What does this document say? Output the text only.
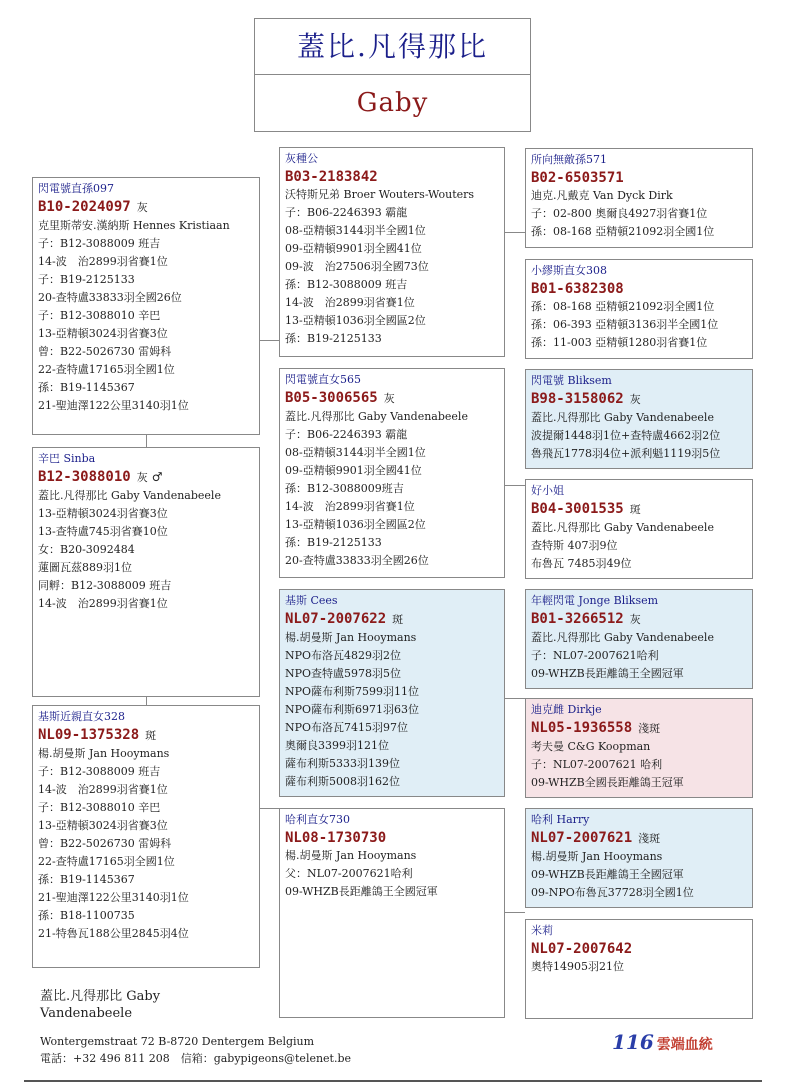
蓋比.凡得那比
Gaby
閃電號直孫097
B10-2024097 灰
克里斯蒂安.漢納斯 Hennes Kristiaan
子：B12-3088009 班吉
14-波　治2899羽省賽1位
子：B19-2125133
20-查特盧33833羽全國26位
子：B12-3088010 辛巴
13-亞精頓3024羽省賽3位
曾：B22-5026730 雷姆科
22-查特盧17165羽全國1位
孫：B19-1145367
21-聖迪澤122公里3140羽1位
辛巴 Sinba
B12-3088010 灰 ♂
蓋比.凡得那比 Gaby Vandenabeele
13-亞精頓3024羽省賽3位
13-查特盧745羽省賽10位
女：B20-3092484
蓮圖瓦茲889羽1位
同孵：B12-3088009 班吉
14-波　治2899羽省賽1位
基斯近親直女328
NL09-1375328 斑
楊.胡曼斯 Jan Hooymans
子：B12-3088009 班吉
14-波　治2899羽省賽1位
子：B12-3088010 辛巴
13-亞精頓3024羽省賽3位
曾：B22-5026730 雷姆科
22-查特盧17165羽全國1位
孫：B19-1145367
21-聖迪澤122公里3140羽1位
孫：B18-1100735
21-特魯瓦188公里2845羽4位
灰種公
B03-2183842
沃特斯兄弟 Broer Wouters-Wouters
子：B06-2246393 霸龍
08-亞精頓3144羽半全國1位
09-亞精頓9901羽全國41位
09-波　治27506羽全國73位
孫：B12-3088009 班吉
14-波　治2899羽省賽1位
13-亞精頓1036羽全國區2位
孫：B19-2125133
閃電號直女565
B05-3006565 灰
蓋比.凡得那比 Gaby Vandenabeele
子：B06-2246393 霸龍
08-亞精頓3144羽半全國1位
09-亞精頓9901羽全國41位
孫：B12-3088009班吉
14-波　治2899羽省賽1位
13-亞精頓1036羽全國區2位
孫：B19-2125133
20-查特盧33833羽全國26位
基斯 Cees
NL07-2007622 斑
楊.胡曼斯 Jan Hooymans
NPO布洛瓦4829羽2位
NPO查特盧5978羽5位
NPO薩布利斯7599羽11位
NPO薩布利斯6971羽63位
NPO布洛瓦7415羽97位
奧爾良3399羽121位
薩布利斯5333羽139位
薩布利斯5008羽162位
哈利直女730
NL08-1730730
楊.胡曼斯 Jan Hooymans
父：NL07-2007621哈利
09-WHZB長距離鴿王全國冠軍
所向無敵孫571
B02-6503571
迪克.凡戴克 Van Dyck Dirk
子：02-800 奧爾良4927羽省賽1位
孫：08-168 亞精頓21092羽全國1位
小繆斯直女308
B01-6382308
孫：08-168 亞精頓21092羽全國1位
孫：06-393 亞精頓3136羽半全國1位
孫：11-003 亞精頓1280羽省賽1位
閃電號 Bliksem
B98-3158062 灰
蓋比.凡得那比 Gaby Vandenabeele
波提爾1448羽1位+查特盧4662羽2位
魯飛瓦1778羽4位+派利魁1119羽5位
好小姐
B04-3001535 斑
蓋比.凡得那比 Gaby Vandenabeele
查特斯 407羽9位
布魯瓦 7485羽49位
年輕閃電 Jonge Bliksem
B01-3266512 灰
蓋比.凡得那比 Gaby Vandenabeele
子：NL07-2007621哈利
09-WHZB長距離鴿王全國冠軍
迪克雌 Dirkje
NL05-1936558 淺斑
考夫曼 C&G Koopman
子：NL07-2007621 哈利
09-WHZB全國長距離鴿王冠軍
哈利 Harry
NL07-2007621 淺斑
楊.胡曼斯 Jan Hooymans
09-WHZB長距離鴿王全國冠軍
09-NPO布魯瓦37728羽全國1位
米莉
NL07-2007642
奧特14905羽21位
蓋比.凡得那比 Gaby
Vandenabeele
Wontergemstraat 72 B-8720 Dentergem Belgium
電話：+32 496 811 208　信箱：gabypigeons@telenet.be
116 雲端血統
